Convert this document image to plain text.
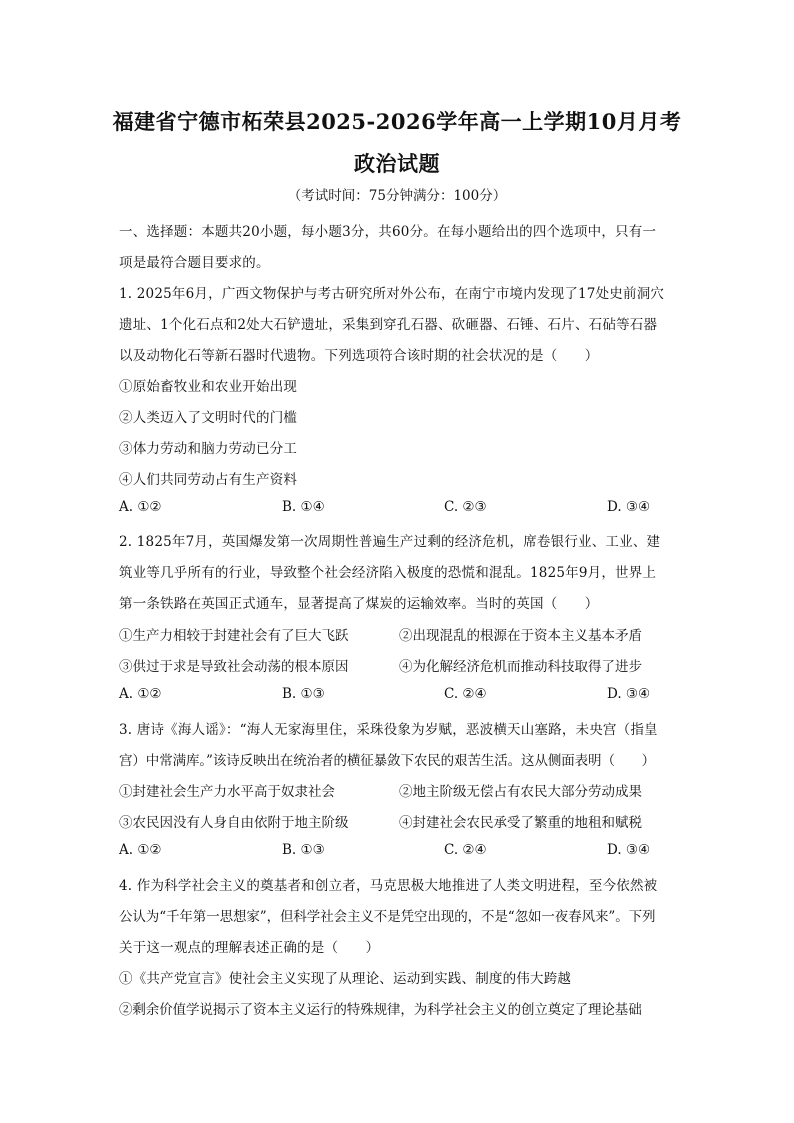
福建省宁德市柘荣县2025-2026学年高一上学期10月月考
政治试题
（考试时间：75分钟满分：100分）
一、选择题：本题共20小题，每小题3分，共60分。在每小题给出的四个选项中，只有一
项是最符合题目要求的。
1. 2025年6月，广西文物保护与考古研究所对外公布，在南宁市境内发现了17处史前洞穴
遗址、1个化石点和2处大石铲遗址，采集到穿孔石器、砍砸器、石锤、石片、石砧等石器
以及动物化石等新石器时代遗物。下列选项符合该时期的社会状况的是（　　）
①原始畜牧业和农业开始出现
②人类迈入了文明时代的门槛
③体力劳动和脑力劳动已分工
④人们共同劳动占有生产资料
A. ①②	B. ①④	C. ②③	D. ③④
2. 1825年7月，英国爆发第一次周期性普遍生产过剩的经济危机，席卷银行业、工业、建
筑业等几乎所有的行业，导致整个社会经济陷入极度的恐慌和混乱。1825年9月，世界上
第一条铁路在英国正式通车，显著提高了煤炭的运输效率。当时的英国（　　）
①生产力相较于封建社会有了巨大飞跃	②出现混乱的根源在于资本主义基本矛盾
③供过于求是导致社会动荡的根本原因	④为化解经济危机而推动科技取得了进步
A. ①②	B. ①③	C. ②④	D. ③④
3. 唐诗《海人谣》：“海人无家海里住，采珠役象为岁赋，恶波横天山塞路，未央宫（指皇
宫）中常满库。”该诗反映出在统治者的横征暴敛下农民的艰苦生活。这从侧面表明（　　）
①封建社会生产力水平高于奴隶社会	②地主阶级无偿占有农民大部分劳动成果
③农民因没有人身自由依附于地主阶级	④封建社会农民承受了繁重的地租和赋税
A. ①②	B. ①③	C. ②④	D. ③④
4. 作为科学社会主义的奠基者和创立者，马克思极大地推进了人类文明进程，至今依然被
公认为“千年第一思想家”，但科学社会主义不是凭空出现的，不是“忽如一夜春风来”。下列
关于这一观点的理解表述正确的是（　　）
①《共产党宣言》使社会主义实现了从理论、运动到实践、制度的伟大跨越
②剩余价值学说揭示了资本主义运行的特殊规律，为科学社会主义的创立奠定了理论基础
